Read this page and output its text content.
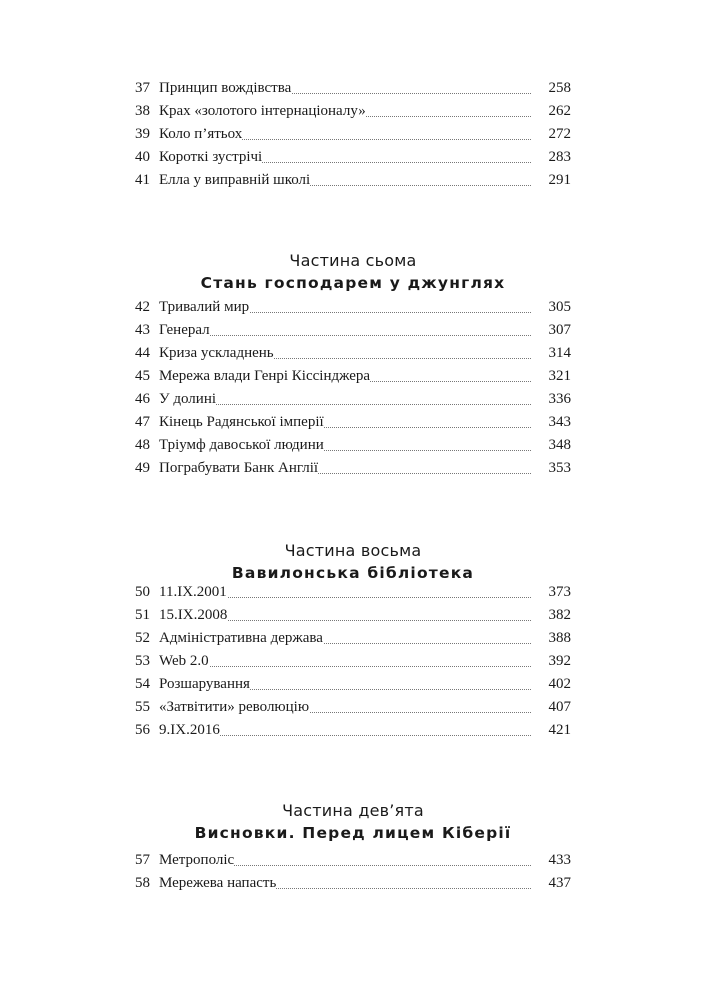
37 Принцип вождівства	258
38 Крах «золотого інтернаціоналу»	262
39 Коло п’ятьох	272
40 Короткі зустрічі	283
41 Елла у виправній школі	291
Частина сьома
Стань господарем у джунглях
42 Тривалий мир	305
43 Генерал	307
44 Криза ускладнень	314
45 Мережа влади Генрі Кіссінджера	321
46 У долині	336
47 Кінець Радянської імперії	343
48 Тріумф давоської людини	348
49 Пограбувати Банк Англії	353
Частина восьма
Вавилонська бібліотека
50 11.IX.2001	373
51 15.IX.2008	382
52 Адміністративна держава	388
53 Web 2.0	392
54 Розшарування	402
55 «Затвітити» революцію	407
56 9.IX.2016	421
Частина дев’ята
Висновки. Перед лицем Кіберії
57 Метрополіс	433
58 Мережева напасть	437
